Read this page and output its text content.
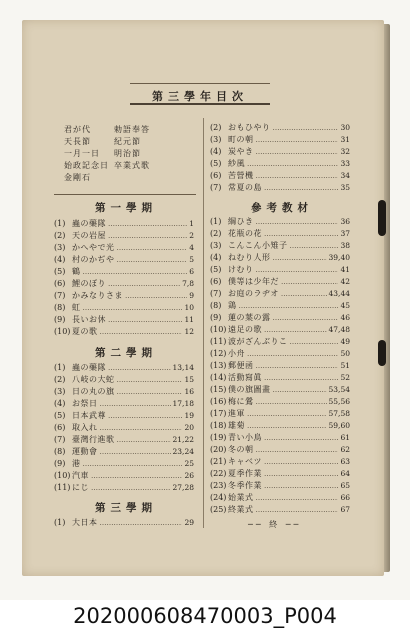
第三學年目次
君が代	勅語奉答
天長節	紀元節
一月一日	明治節
始政記念日 卒業式歌
金剛石
第一學期
(1) 蟲の藥隊 ……………………………………………………………………	1
(2) 天の岩屋 ……………………………………………………………………	2
(3) かへやで光 ……………………………………………………………………	4
(4) 村のかぢや ……………………………………………………………………	5
(5) 鶴 ……………………………………………………………………	6
(6) 鯉のぼり ……………………………………………………………………	7,8
(7) かみなりさま ……………………………………………………………………	9
(8) 虹 ……………………………………………………………………	10
(9) 長いお休 ……………………………………………………………………	11
(10) 夏の歌 ……………………………………………………………………	12
第二學期
(1) 蟲の藥隊 ……………………………………………………………………	13,14
(2) 八岐の大蛇 ……………………………………………………………………	15
(3) 日の丸の旗 ……………………………………………………………………	16
(4) お祭日 ……………………………………………………………………	17,18
(5) 日本武尊 ……………………………………………………………………	19
(6) 取入れ ……………………………………………………………………	20
(7) 臺灣行進歌 ……………………………………………………………………	21,22
(8) 運動會 ……………………………………………………………………	23,24
(9) 港 ……………………………………………………………………	25
(10) 汽車 ……………………………………………………………………	26
(11) にじ ……………………………………………………………………	27,28
第三學期
(1) 大日本 ……………………………………………………………………	29
(2) おもひやり ……………………………………………………………………	30
(3) 町の朝 ……………………………………………………………………	31
(4) 炭やき ……………………………………………………………………	32
(5) 紗風 ……………………………………………………………………	33
(6) 苦營機 ……………………………………………………………………	34
(7) 常夏の島 ……………………………………………………………………	35
參考教材
(1) 綱ひき ……………………………………………………………………	36
(2) 花瓶の花 ……………………………………………………………………	37
(3) こんこん小雉子 ……………………………………………………………………	38
(4) ねむり人形 ……………………………………………………………………	39,40
(5) けむり ……………………………………………………………………	41
(6) 僕等は少年だ ……………………………………………………………………	42
(7) お庭のラヂオ ……………………………………………………………………	43,44
(8) 鶏 ……………………………………………………………………	45
(9) 蓮の葉の露 ……………………………………………………………………	46
(10) 遠足の歌 ……………………………………………………………………	47,48
(11) 波がざんぶりこ ……………………………………………………………………	49
(12) 小舟 ……………………………………………………………………	50
(13) 郵便函 ……………………………………………………………………	51
(14) 活動寫眞 ……………………………………………………………………	52
(15) 僕の旗圖畫 ……………………………………………………………………	53,54
(16) 梅に鶯 ……………………………………………………………………	55,56
(17) 進軍 ……………………………………………………………………	57,58
(18) 雄菊 ……………………………………………………………………	59,60
(19) 青い小鳥 ……………………………………………………………………	61
(20) 冬の朝 ……………………………………………………………………	62
(21) キャベツ ……………………………………………………………………	63
(22) 夏季作業 ……………………………………………………………………	64
(23) 冬季作業 ……………………………………………………………………	65
(24) 始業式 ……………………………………………………………………	66
(25) 終業式 ……………………………………………………………………	67
── 終 ──
202000608470003_P004
